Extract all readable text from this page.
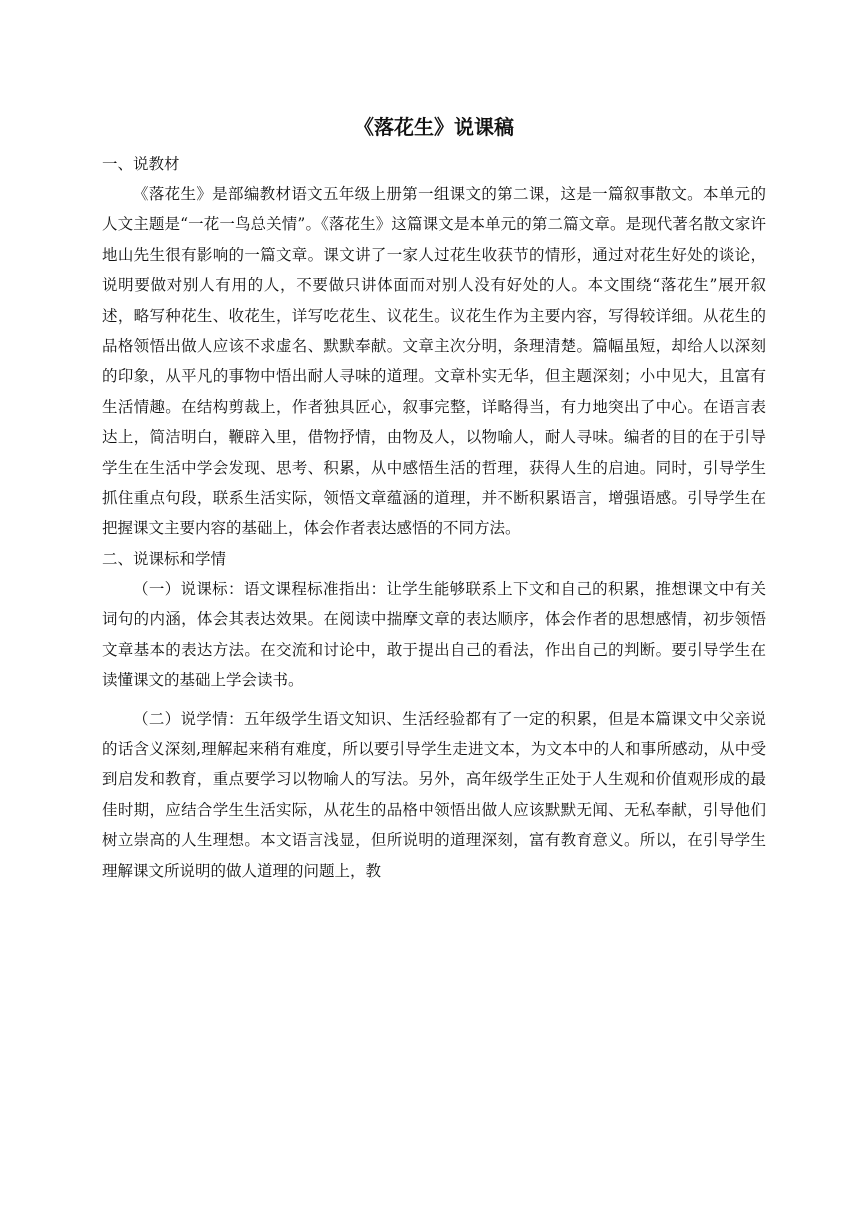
《落花生》说课稿

一、说教材

《落花生》是部编教材语文五年级上册第一组课文的第二课，这是一篇叙事散文。本单元的人文主题是“一花一鸟总关情”。《落花生》这篇课文是本单元的第二篇文章。是现代著名散文家许地山先生很有影响的一篇文章。课文讲了一家人过花生收获节的情形，通过对花生好处的谈论，说明要做对别人有用的人，不要做只讲体面而对别人没有好处的人。本文围绕“落花生”展开叙述，略写种花生、收花生，详写吃花生、议花生。议花生作为主要内容，写得较详细。从花生的品格领悟出做人应该不求虚名、默默奉献。文章主次分明，条理清楚。篇幅虽短，却给人以深刻的印象，从平凡的事物中悟出耐人寻味的道理。文章朴实无华，但主题深刻；小中见大，且富有生活情趣。在结构剪裁上，作者独具匠心，叙事完整，详略得当，有力地突出了中心。在语言表达上，简洁明白，鞭辟入里，借物抒情，由物及人，以物喻人，耐人寻味。编者的目的在于引导学生在生活中学会发现、思考、积累，从中感悟生活的哲理，获得人生的启迪。同时，引导学生抓住重点句段，联系生活实际，领悟文章蕴涵的道理，并不断积累语言，增强语感。引导学生在把握课文主要内容的基础上，体会作者表达感悟的不同方法。

二、说课标和学情

（一）说课标：语文课程标准指出：让学生能够联系上下文和自己的积累，推想课文中有关词句的内涵，体会其表达效果。在阅读中揣摩文章的表达顺序，体会作者的思想感情，初步领悟文章基本的表达方法。在交流和讨论中，敢于提出自己的看法，作出自己的判断。要引导学生在读懂课文的基础上学会读书。

（二）说学情：五年级学生语文知识、生活经验都有了一定的积累，但是本篇课文中父亲说的话含义深刻,理解起来稍有难度，所以要引导学生走进文本，为文本中的人和事所感动，从中受到启发和教育，重点要学习以物喻人的写法。另外，高年级学生正处于人生观和价值观形成的最佳时期，应结合学生生活实际，从花生的品格中领悟出做人应该默默无闻、无私奉献，引导他们树立崇高的人生理想。本文语言浅显，但所说明的道理深刻，富有教育意义。所以，在引导学生理解课文所说明的做人道理的问题上，教
